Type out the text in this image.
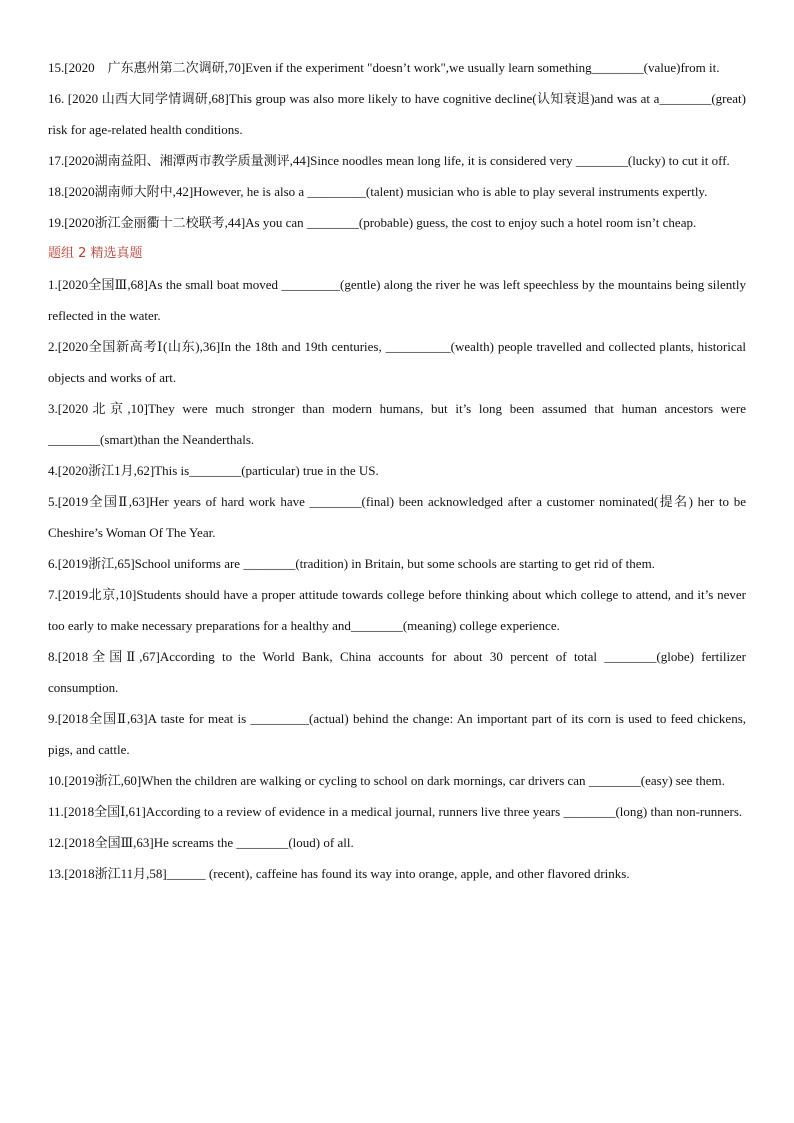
15.[2020　广东惠州第二次调研,70]Even if the experiment "doesn’t work",we usually learn something________(value)from it.

16. [2020 山西大同学情调研,68]This group was also more likely to have cognitive decline(认知衰退)and was at a________(great) risk for age-related health conditions.

17.[2020湖南益阳、湘潭两市教学质量测评,44]Since noodles mean long life, it is considered very ________(lucky) to cut it off.

18.[2020湖南师大附中,42]However, he is also a _________(talent) musician who is able to play several instruments expertly.

19.[2020浙江金丽衢十二校联考,44]As you can ________(probable) guess, the cost to enjoy such a hotel room isn’t cheap.

题组 2 精选真题

1.[2020全国Ⅲ,68]As the small boat moved _________(gentle) along the river he was left speechless by the mountains being silently reflected in the water.

2.[2020全国新高考Ⅰ(山东),36]In the 18th and 19th centuries, __________(wealth) people travelled and collected plants, historical objects and works of art.

3.[2020北京,10]They were much stronger than modern humans, but it’s long been assumed that human ancestors were ________(smart)than the Neanderthals.

4.[2020浙江1月,62]This is________(particular) true in the US.

5.[2019全国Ⅱ,63]Her years of hard work have ________(final) been acknowledged after a customer nominated(提名) her to be Cheshire’s Woman Of The Year.

6.[2019浙江,65]School uniforms are ________(tradition) in Britain, but some schools are starting to get rid of them.

7.[2019北京,10]Students should have a proper attitude towards college before thinking about which college to attend, and it’s never too early to make necessary preparations for a healthy and________(meaning) college experience.

8.[2018全国Ⅱ,67]According to the World Bank, China accounts for about 30 percent of total ________(globe) fertilizer consumption.

9.[2018全国Ⅱ,63]A taste for meat is _________(actual) behind the change: An important part of its corn is used to feed chickens, pigs, and cattle.

10.[2019浙江,60]When the children are walking or cycling to school on dark mornings, car drivers can ________(easy) see them.

11.[2018全国Ⅰ,61]According to a review of evidence in a medical journal, runners live three years ________(long) than non-runners.

12.[2018全国Ⅲ,63]He screams the ________(loud) of all.

13.[2018浙江11月,58]______ (recent), caffeine has found its way into orange, apple, and other flavored drinks.
